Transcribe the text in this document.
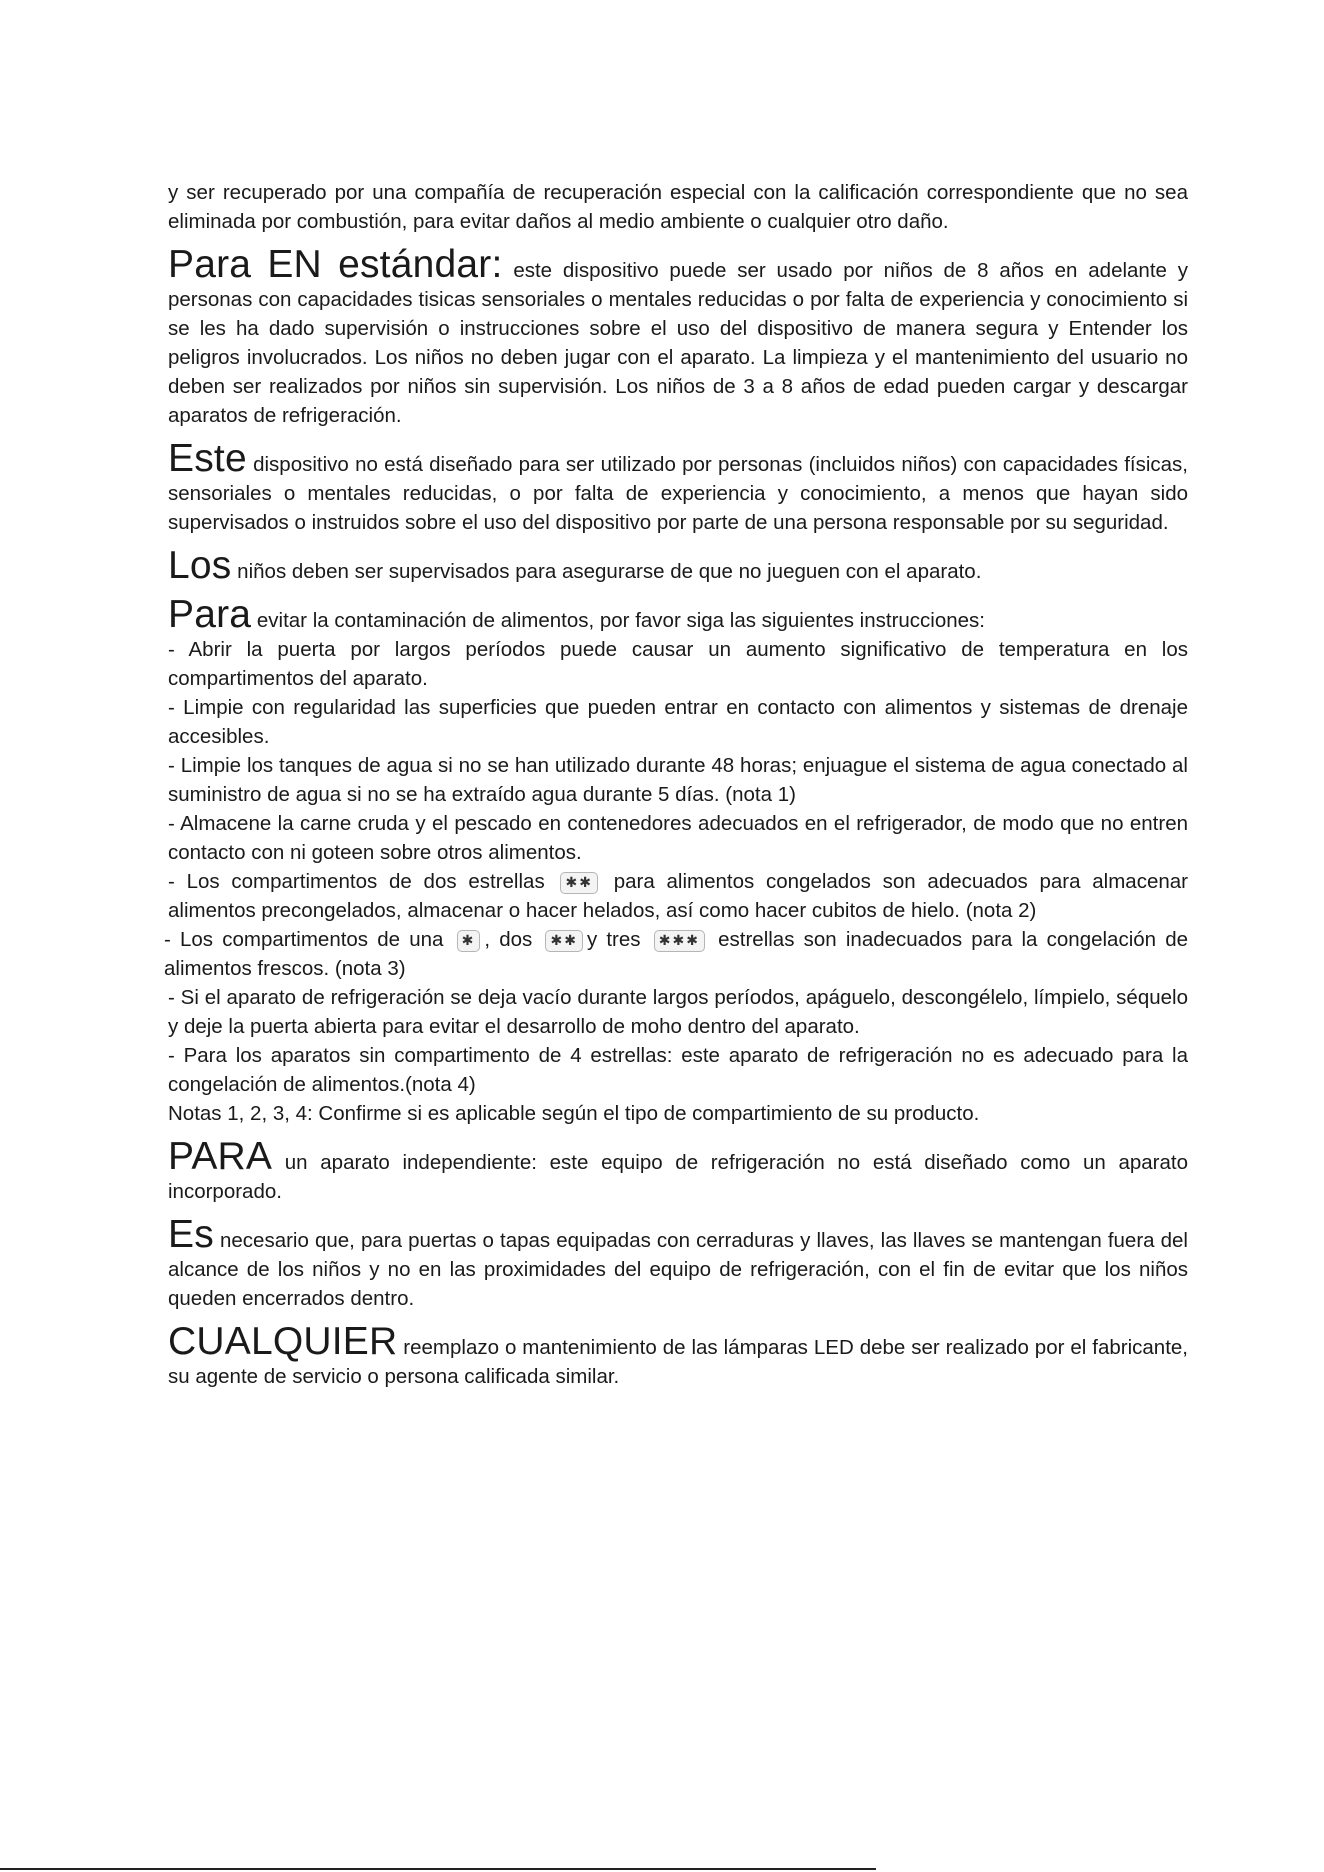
y ser recuperado por una compañía de recuperación especial con la calificación correspondiente que no sea eliminada por combustión, para evitar daños al medio ambiente o cualquier otro daño.

Para EN estándar: este dispositivo puede ser usado por niños de 8 años en adelante y personas con capacidades tisicas sensoriales o mentales reducidas o por falta de experiencia y conocimiento si se les ha dado supervisión o instrucciones sobre el uso del dispositivo de manera segura y Entender los peligros involucrados. Los niños no deben jugar con el aparato. La limpieza y el mantenimiento del usuario no deben ser realizados por niños sin supervisión. Los niños de 3 a 8 años de edad pueden cargar y descargar aparatos de refrigeración.

Este dispositivo no está diseñado para ser utilizado por personas (incluidos niños) con capacidades físicas, sensoriales o mentales reducidas, o por falta de experiencia y conocimiento, a menos que hayan sido supervisados o instruidos sobre el uso del dispositivo por parte de una persona responsable por su seguridad.

Los niños deben ser supervisados para asegurarse de que no jueguen con el aparato.

Para evitar la contaminación de alimentos, por favor siga las siguientes instrucciones:

- Abrir la puerta por largos períodos puede causar un aumento significativo de temperatura en los compartimentos del aparato.

- Limpie con regularidad las superficies que pueden entrar en contacto con alimentos y sistemas de drenaje accesibles.

- Limpie los tanques de agua si no se han utilizado durante 48 horas; enjuague el sistema de agua conectado al suministro de agua si no se ha extraído agua durante 5 días. (nota 1)

- Almacene la carne cruda y el pescado en contenedores adecuados en el refrigerador, de modo que no entren contacto con ni goteen sobre otros alimentos.

- Los compartimentos de dos estrellas ✱✱ para alimentos congelados son adecuados para almacenar alimentos precongelados, almacenar o hacer helados, así como hacer cubitos de hielo. (nota 2)

- Los compartimentos de una ✱ , dos ✱✱ y tres ✱✱✱ estrellas son inadecuados para la congelación de alimentos frescos. (nota 3)

- Si el aparato de refrigeración se deja vacío durante largos períodos, apáguelo, descongélelo, límpielo, séquelo y deje la puerta abierta para evitar el desarrollo de moho dentro del aparato.

- Para los aparatos sin compartimento de 4 estrellas: este aparato de refrigeración no es adecuado para la congelación de alimentos.(nota 4)

Notas 1, 2, 3, 4: Confirme si es aplicable según el tipo de compartimiento de su producto.

PARA un aparato independiente: este equipo de refrigeración no está diseñado como un aparato incorporado.

Es necesario que, para puertas o tapas equipadas con cerraduras y llaves, las llaves se mantengan fuera del alcance de los niños y no en las proximidades del equipo de refrigeración, con el fin de evitar que los niños queden encerrados dentro.

CUALQUIER reemplazo o mantenimiento de las lámparas LED debe ser realizado por el fabricante, su agente de servicio o persona calificada similar.
